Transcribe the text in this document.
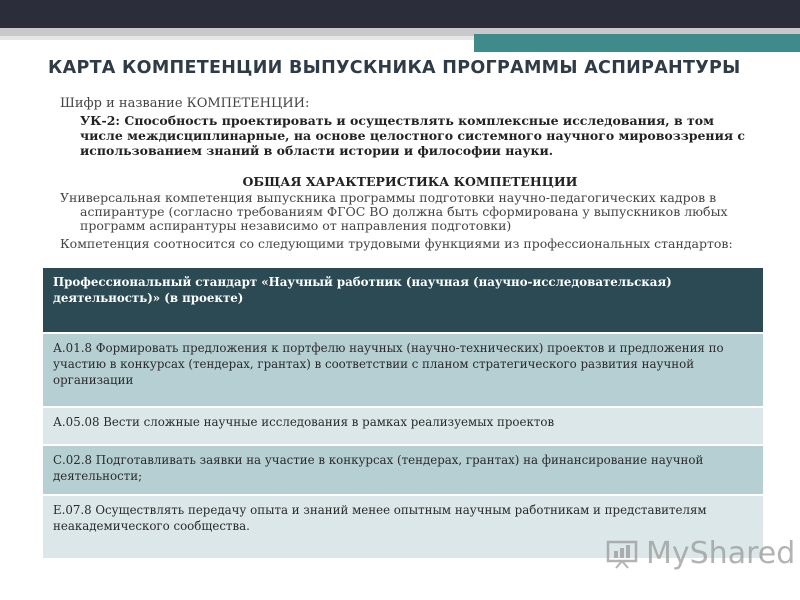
КАРТА КОМПЕТЕНЦИИ ВЫПУСКНИКА ПРОГРАММЫ АСПИРАНТУРЫ

Шифр и название КОМПЕТЕНЦИИ:

УК-2: Способность проектировать и осуществлять комплексные исследования, в том числе междисциплинарные, на основе целостного системного научного мировоззрения с использованием знаний в области истории и философии науки.

ОБЩАЯ ХАРАКТЕРИСТИКА КОМПЕТЕНЦИИ

Универсальная компетенция выпускника программы подготовки научно-педагогических кадров в
аспирантуре (согласно требованиям ФГОС ВО должна быть сформирована у выпускников любых программ аспирантуры независимо от направления подготовки)

Компетенция соотносится со следующими трудовыми функциями из профессиональных стандартов:

Профессиональный стандарт «Научный работник (научная (научно-исследовательская) деятельность)» (в проекте)
А.01.8 Формировать предложения к портфелю научных (научно-технических) проектов и предложения по участию в конкурсах (тендерах, грантах) в соответствии с планом стратегического развития научной организации
А.05.08 Вести сложные научные исследования в рамках реализуемых проектов
С.02.8 Подготавливать заявки на участие в конкурсах (тендерах, грантах) на финансирование научной деятельности;
Е.07.8 Осуществлять передачу опыта и знаний менее опытным научным работникам и представителям неакадемического сообщества.
MyShared
